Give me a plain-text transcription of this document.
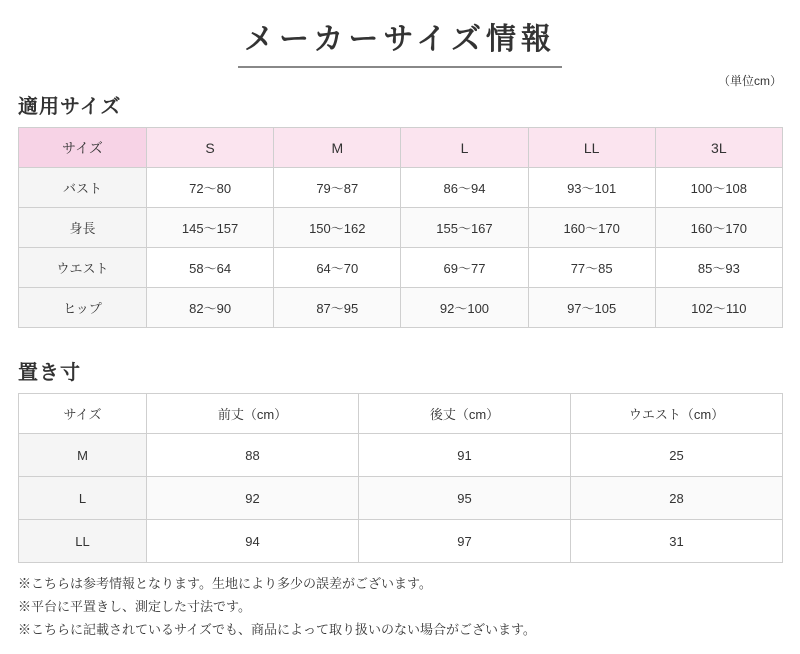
メーカーサイズ情報
適用サイズ
（単位cm）
サイズ	S	M	L	LL	3L
バスト	72～80	79～87	86～94	93～101	100～108
身長	145～157	150～162	155～167	160～170	160～170
ウエスト	58～64	64～70	69～77	77～85	85～93
ヒップ	82～90	87～95	92～100	97～105	102～110
置き寸
サイズ	前丈（cm）	後丈（cm）	ウエスト（cm）
M	88	91	25
L	92	95	28
LL	94	97	31
※こちらは参考情報となります。生地により多少の誤差がございます。
※平台に平置きし、測定した寸法です。
※こちらに記載されているサイズでも、商品によって取り扱いのない場合がございます。
